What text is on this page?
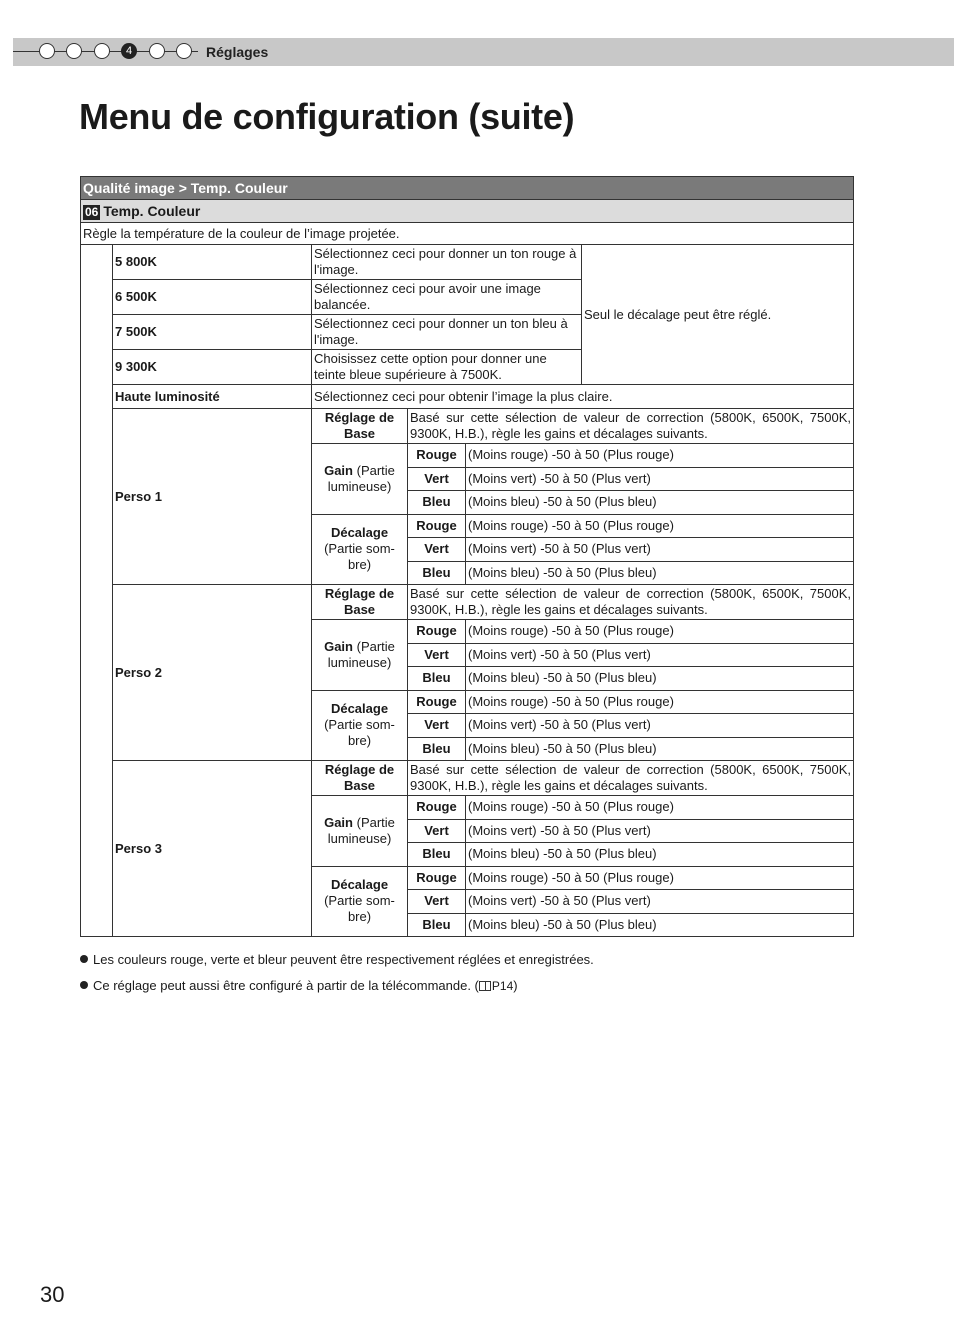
4	Réglages
Menu de configuration (suite)
Qualité image > Temp. Couleur					
06 Temp. Couleur					
Règle la température de la couleur de l’image projetée.					
	5 800K	Sélectionnez ceci pour donner un ton rouge à l'image.			Seul le décalage peut être réglé.
	6 500K	Sélectionnez ceci pour avoir une image balancée.			
	7 500K	Sélectionnez ceci pour donner un ton bleu à l'image.			
	9 300K	Choisissez cette option pour donner une teinte bleue supérieure à 7500K.			
	Haute luminosité	Sélectionnez ceci pour obtenir l’image la plus claire.			
	Perso 1	Réglage de Base	Basé sur cette sélection de valeur de correction (5800K, 6500K, 7500K, 9300K, H.B.), règle les gains et décalages suivants.		
		Gain (Partie lumineuse)	Rouge	(Moins rouge) -50 à 50 (Plus rouge)	
			Vert	(Moins vert) -50 à 50 (Plus vert)	
			Bleu	(Moins bleu) -50 à 50 (Plus bleu)	
		Décalage
(Partie som-bre)	Rouge	(Moins rouge) -50 à 50 (Plus rouge)	
			Vert	(Moins vert) -50 à 50 (Plus vert)	
			Bleu	(Moins bleu) -50 à 50 (Plus bleu)	
	Perso 2	Réglage de Base	Basé sur cette sélection de valeur de correction (5800K, 6500K, 7500K, 9300K, H.B.), règle les gains et décalages suivants.		
		Gain (Partie lumineuse)	Rouge	(Moins rouge) -50 à 50 (Plus rouge)	
			Vert	(Moins vert) -50 à 50 (Plus vert)	
			Bleu	(Moins bleu) -50 à 50 (Plus bleu)	
		Décalage
(Partie som-bre)	Rouge	(Moins rouge) -50 à 50 (Plus rouge)	
			Vert	(Moins vert) -50 à 50 (Plus vert)	
			Bleu	(Moins bleu) -50 à 50 (Plus bleu)	
	Perso 3	Réglage de Base	Basé sur cette sélection de valeur de correction (5800K, 6500K, 7500K, 9300K, H.B.), règle les gains et décalages suivants.		
		Gain (Partie lumineuse)	Rouge	(Moins rouge) -50 à 50 (Plus rouge)	
			Vert	(Moins vert) -50 à 50 (Plus vert)	
			Bleu	(Moins bleu) -50 à 50 (Plus bleu)	
		Décalage
(Partie som-bre)	Rouge	(Moins rouge) -50 à 50 (Plus rouge)	
			Vert	(Moins vert) -50 à 50 (Plus vert)	
			Bleu	(Moins bleu) -50 à 50 (Plus bleu)	
Les couleurs rouge, verte et bleur peuvent être respectivement réglées et enregistrées.
Ce réglage peut aussi être configuré à partir de la télécommande. ( P14)
30
